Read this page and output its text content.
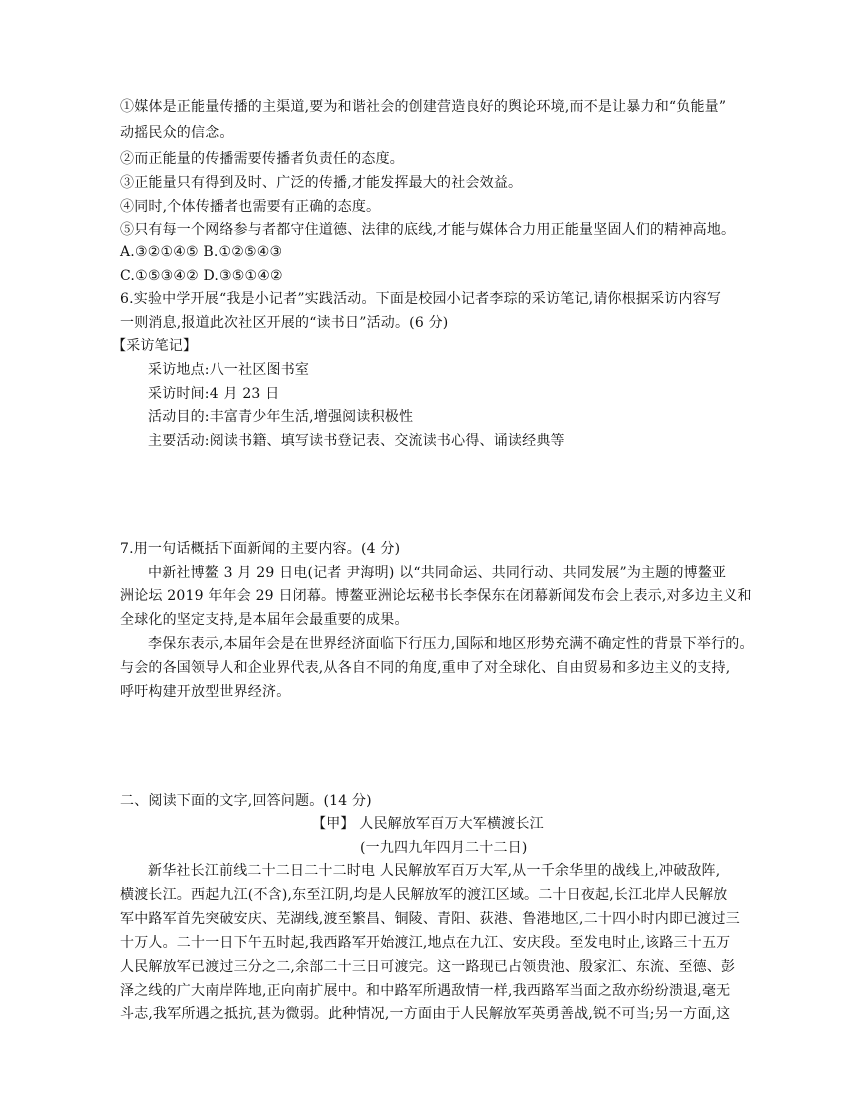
①媒体是正能量传播的主渠道,要为和谐社会的创建营造良好的舆论环境,而不是让暴力和“负能量”
动摇民众的信念。
②而正能量的传播需要传播者负责任的态度。
③正能量只有得到及时、广泛的传播,才能发挥最大的社会效益。
④同时,个体传播者也需要有正确的态度。
⑤只有每一个网络参与者都守住道德、法律的底线,才能与媒体合力用正能量坚固人们的精神高地。
A.③②①④⑤ B.①②⑤④③
C.①⑤③④② D.③⑤①④②
6.实验中学开展“我是小记者”实践活动。下面是校园小记者李琮的采访笔记,请你根据采访内容写
一则消息,报道此次社区开展的“读书日”活动。(6 分)
【采访笔记】
采访地点:八一社区图书室
采访时间:4 月 23 日
活动目的:丰富青少年生活,增强阅读积极性
主要活动:阅读书籍、填写读书登记表、交流读书心得、诵读经典等
7.用一句话概括下面新闻的主要内容。(4 分)
中新社博鳌 3 月 29 日电(记者 尹海明) 以“共同命运、共同行动、共同发展”为主题的博鳌亚
洲论坛 2019 年年会 29 日闭幕。博鳌亚洲论坛秘书长李保东在闭幕新闻发布会上表示,对多边主义和
全球化的坚定支持,是本届年会最重要的成果。
李保东表示,本届年会是在世界经济面临下行压力,国际和地区形势充满不确定性的背景下举行的。
与会的各国领导人和企业界代表,从各自不同的角度,重申了对全球化、自由贸易和多边主义的支持,
呼吁构建开放型世界经济。
二、阅读下面的文字,回答问题。(14 分)
【甲】 人民解放军百万大军横渡长江
(一九四九年四月二十二日)
新华社长江前线二十二日二十二时电 人民解放军百万大军,从一千余华里的战线上,冲破敌阵,
横渡长江。西起九江(不含),东至江阴,均是人民解放军的渡江区域。二十日夜起,长江北岸人民解放
军中路军首先突破安庆、芜湖线,渡至繁昌、铜陵、青阳、荻港、鲁港地区,二十四小时内即已渡过三
十万人。二十一日下午五时起,我西路军开始渡江,地点在九江、安庆段。至发电时止,该路三十五万
人民解放军已渡过三分之二,余部二十三日可渡完。这一路现已占领贵池、殷家汇、东流、至德、彭
泽之线的广大南岸阵地,正向南扩展中。和中路军所遇敌情一样,我西路军当面之敌亦纷纷溃退,毫无
斗志,我军所遇之抵抗,甚为微弱。此种情况,一方面由于人民解放军英勇善战,锐不可当;另一方面,这
